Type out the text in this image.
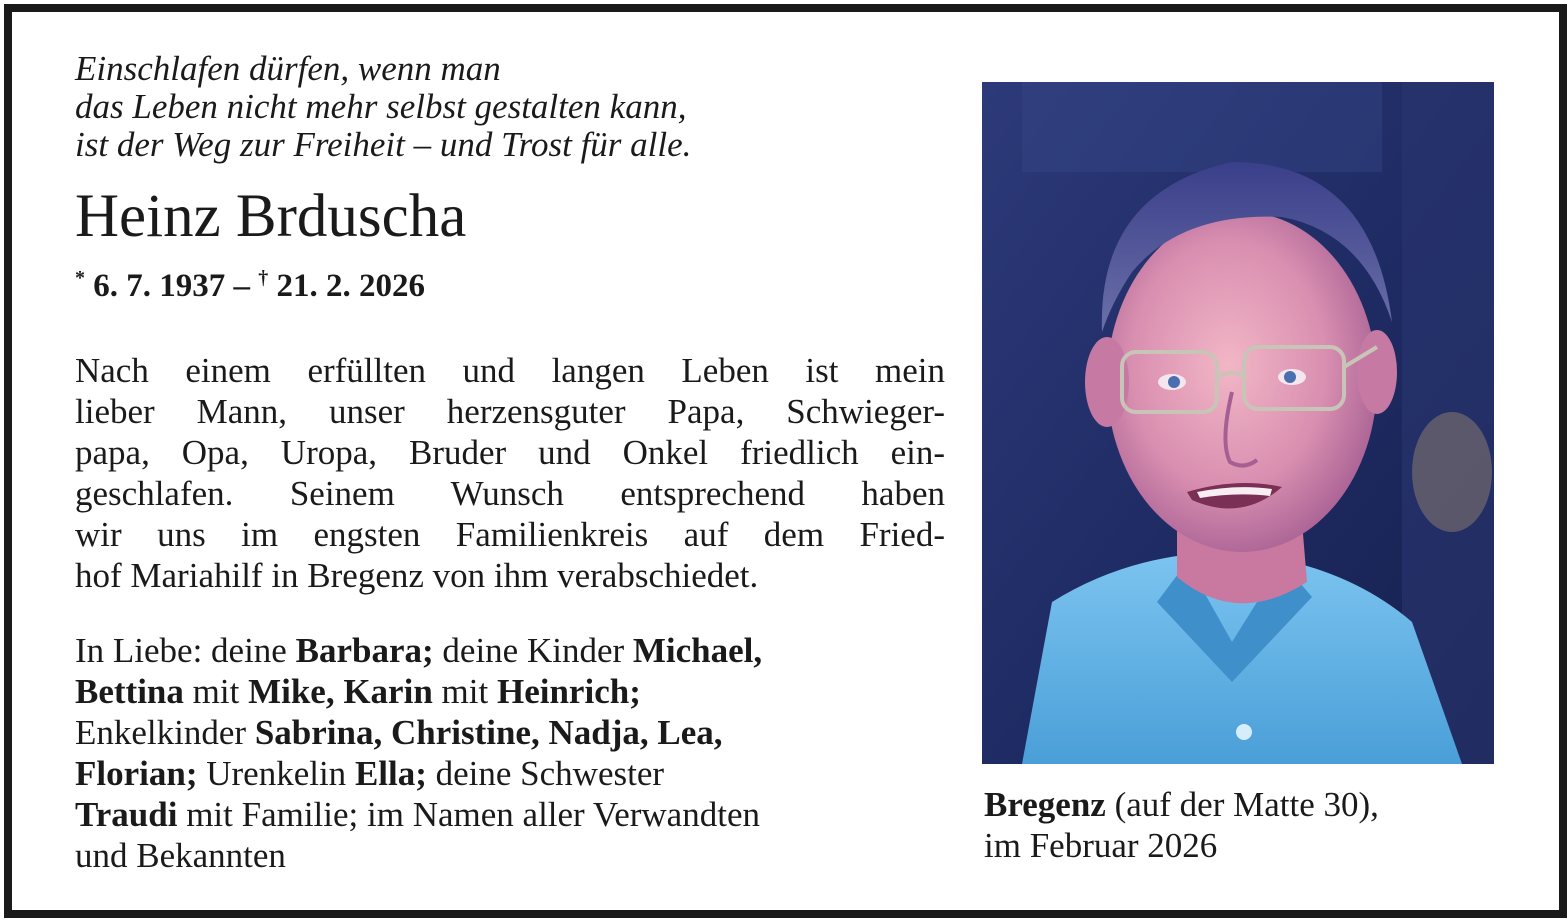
Einschlafen dürfen, wenn man
das Leben nicht mehr selbst gestalten kann,
ist der Weg zur Freiheit – und Trost für alle.

Heinz Brduscha

* 6. 7. 1937 – † 21. 2. 2026

Nach einem erfüllten und langen Leben ist mein
lieber Mann, unser herzensguter Papa, Schwieger-
papa, Opa, Uropa, Bruder und Onkel friedlich ein-
geschlafen. Seinem Wunsch entsprechend haben
wir uns im engsten Familienkreis auf dem Fried-
hof Mariahilf in Bregenz von ihm verabschiedet.

In Liebe: deine Barbara; deine Kinder Michael,
Bettina mit Mike, Karin mit Heinrich;
Enkelkinder Sabrina, Christine, Nadja, Lea,
Florian; Urenkelin Ella; deine Schwester
Traudi mit Familie; im Namen aller Verwandten
und Bekannten

Bregenz (auf der Matte 30),
im Februar 2026
